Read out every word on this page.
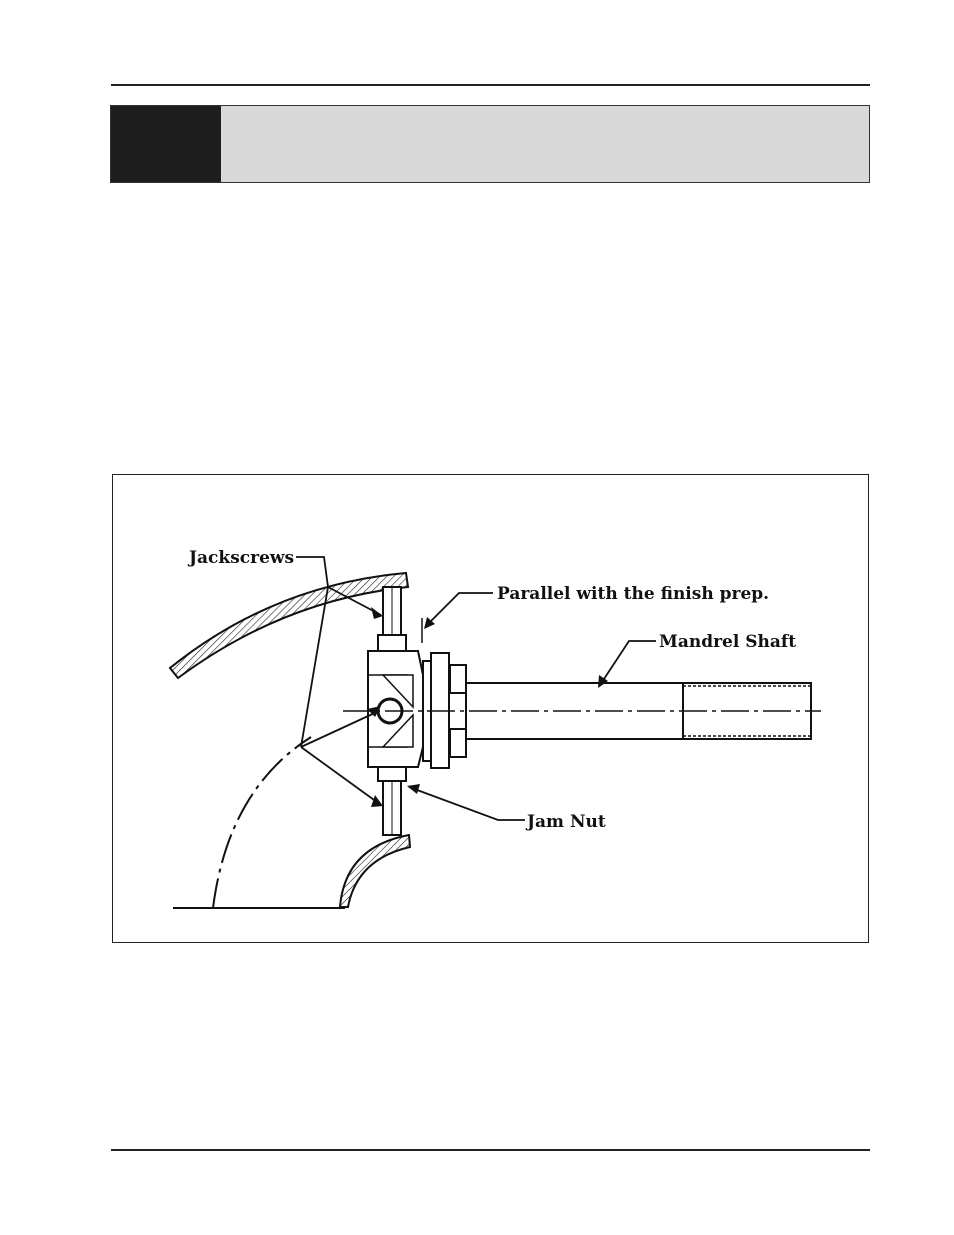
Jackscrews
Parallel with the finish prep.
Mandrel Shaft
Jam Nut
